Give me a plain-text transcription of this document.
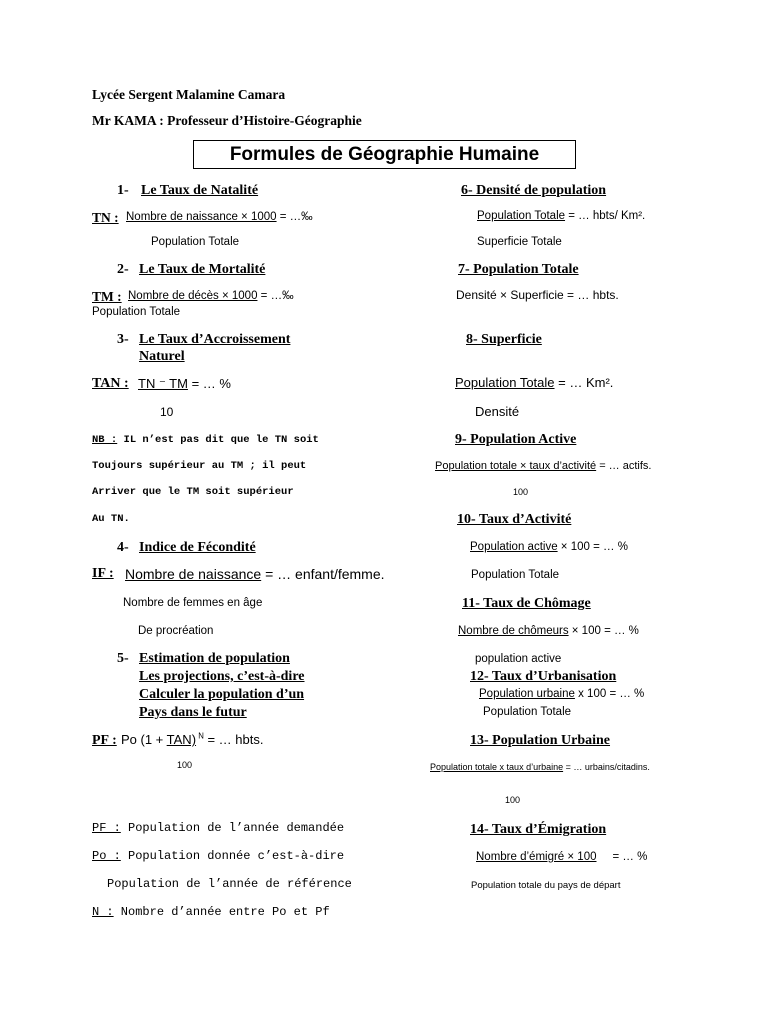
Lycée Sergent Malamine Camara
Mr KAMA : Professeur d’Histoire-Géographie
Formules de Géographie Humaine
1- Le Taux de Natalité
TN : Nombre de naissance × 1000 = …‰
Population Totale
2- Le Taux de Mortalité
TM : Nombre de décès × 1000 = …‰
Population Totale
3- Le Taux d’Accroissement
Naturel
TAN : TN ⁻ TM = … %
10
NB : IL n’est pas dit que le TN soit
Toujours supérieur au TM ; il peut
Arriver que le TM soit supérieur
Au TN.
4- Indice de Fécondité
IF : Nombre de naissance = … enfant/femme.
Nombre de femmes en âge
De procréation
5- Estimation de population
Les projections, c’est-à-dire
Calculer la population d’un
Pays dans le futur
PF : Po (1 + TAN) $^N$ = … hbts.
100
PF : Population de l’année demandée
Po : Population donnée c’est-à-dire
Population de l’année de référence
N : Nombre d’année entre Po et Pf
6- Densité de population
Population Totale = … hbts/ Km².
Superficie Totale
7- Population Totale
Densité × Superficie = … hbts.
8- Superficie
Population Totale = … Km².
Densité
9- Population Active
Population totale × taux d’activité = … actifs.
100
10- Taux d’Activité
Population active × 100 = … %
Population Totale
11- Taux de Chômage
Nombre de chômeurs × 100 = … %
population active
12- Taux d’Urbanisation
Population urbaine x 100 = … %
Population Totale
13- Population Urbaine
Population totale x taux d’urbaine = … urbains/citadins.
100
14- Taux d’Émigration
Nombre d’émigré × 100     = … %
Population totale du pays de départ
